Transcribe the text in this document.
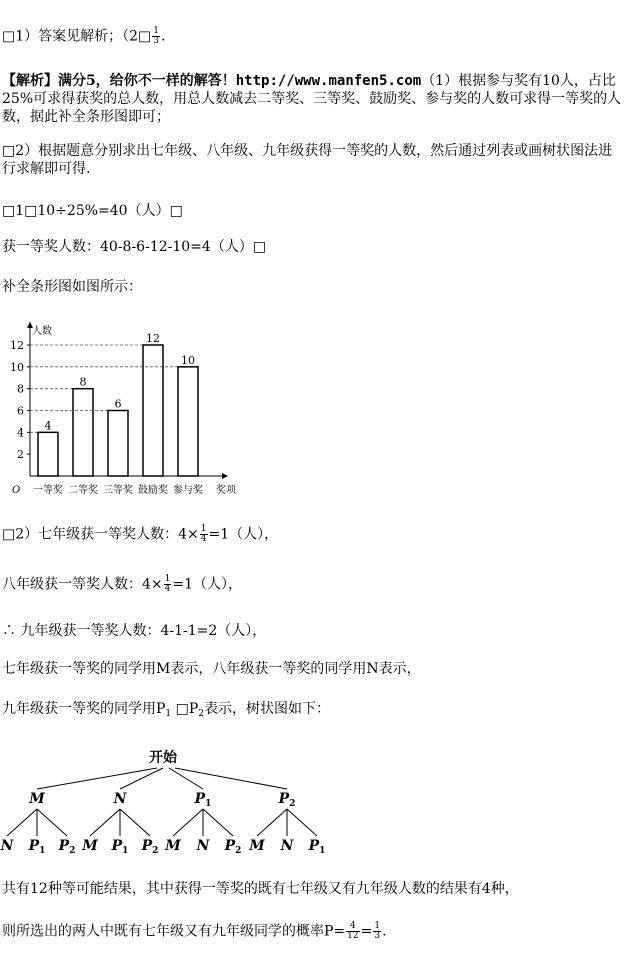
□1）答案见解析；（2□ $\frac{1}{3}$ .
【解析】满分5，给你不一样的解答！http://www.manfen5.com（1）根据参与奖有10人，占比25%可求得获奖的总人数，用总人数减去二等奖、三等奖、鼓励奖、参与奖的人数可求得一等奖的人数，据此补全条形图即可；
□2）根据题意分别求出七年级、八年级、九年级获得一等奖的人数，然后通过列表或画树状图法进行求解即可得.
□1□10÷25%=40（人）□
获一等奖人数：40-8-6-12-10=4（人）□
补全条形图如图所示：
人数
奖项
O
2
4
6
8
10
12
4
一等奖
8
二等奖
6
三等奖
12
鼓励奖
10
参与奖
□2）七年级获一等奖人数：$4\times \frac{1}{4} =1$（人），
八年级获一等奖人数：$4\times \frac{1}{4} =1$（人），
∴ 九年级获一等奖人数：4-1-1=2（人），
七年级获一等奖的同学用M表示，八年级获一等奖的同学用N表示，
九年级获一等奖的同学用$P_1$ $□P_2$表示，树状图如下：
开始
M
N $P_1$ $P_2$
N
M $P_1$ $P_2$
$P_1$
M N $P_2$
$P_2$
M N $P_1$
共有12种等可能结果，其中获得一等奖的既有七年级又有九年级人数的结果有4种，
则所选出的两人中既有七年级又有九年级同学的概率$P= \frac{4}{12} = \frac{1}{3}$ .
